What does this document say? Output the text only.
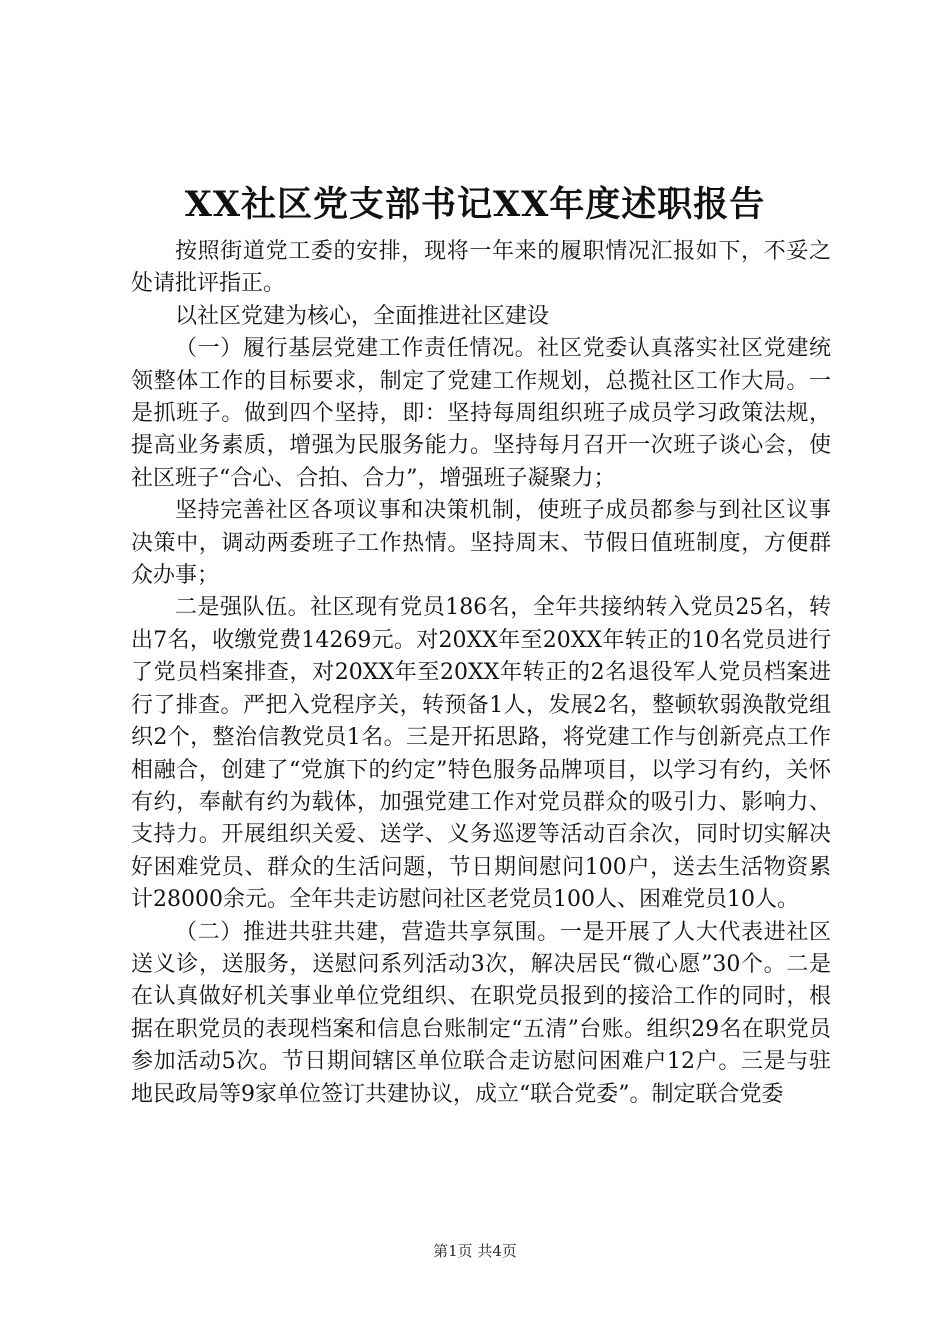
XX社区党支部书记XX年度述职报告

按照街道党工委的安排，现将一年来的履职情况汇报如下，不妥之处请批评指正。

以社区党建为核心，全面推进社区建设

（一）履行基层党建工作责任情况。社区党委认真落实社区党建统领整体工作的目标要求，制定了党建工作规划，总揽社区工作大局。一是抓班子。做到四个坚持，即：坚持每周组织班子成员学习政策法规，提高业务素质，增强为民服务能力。坚持每月召开一次班子谈心会，使社区班子“合心、合拍、合力”，增强班子凝聚力；

坚持完善社区各项议事和决策机制，使班子成员都参与到社区议事决策中，调动两委班子工作热情。坚持周末、节假日值班制度，方便群众办事；

二是强队伍。社区现有党员186名，全年共接纳转入党员25名，转出7名，收缴党费14269元。对20XX年至20XX年转正的10名党员进行了党员档案排查，对20XX年至20XX年转正的2名退役军人党员档案进行了排查。严把入党程序关，转预备1人，发展2名，整顿软弱涣散党组织2个，整治信教党员1名。三是开拓思路，将党建工作与创新亮点工作相融合，创建了“党旗下的约定”特色服务品牌项目，以学习有约，关怀有约，奉献有约为载体，加强党建工作对党员群众的吸引力、影响力、支持力。开展组织关爱、送学、义务巡逻等活动百余次，同时切实解决好困难党员、群众的生活问题，节日期间慰问100户，送去生活物资累计28000余元。全年共走访慰问社区老党员100人、困难党员10人。

（二）推进共驻共建，营造共享氛围。一是开展了人大代表进社区送义诊，送服务，送慰问系列活动3次，解决居民“微心愿”30个。二是在认真做好机关事业单位党组织、在职党员报到的接洽工作的同时，根据在职党员的表现档案和信息台账制定“五清”台账。组织29名在职党员参加活动5次。节日期间辖区单位联合走访慰问困难户12户。三是与驻地民政局等9家单位签订共建协议，成立“联合党委”。制定联合党委

第1页 共4页
